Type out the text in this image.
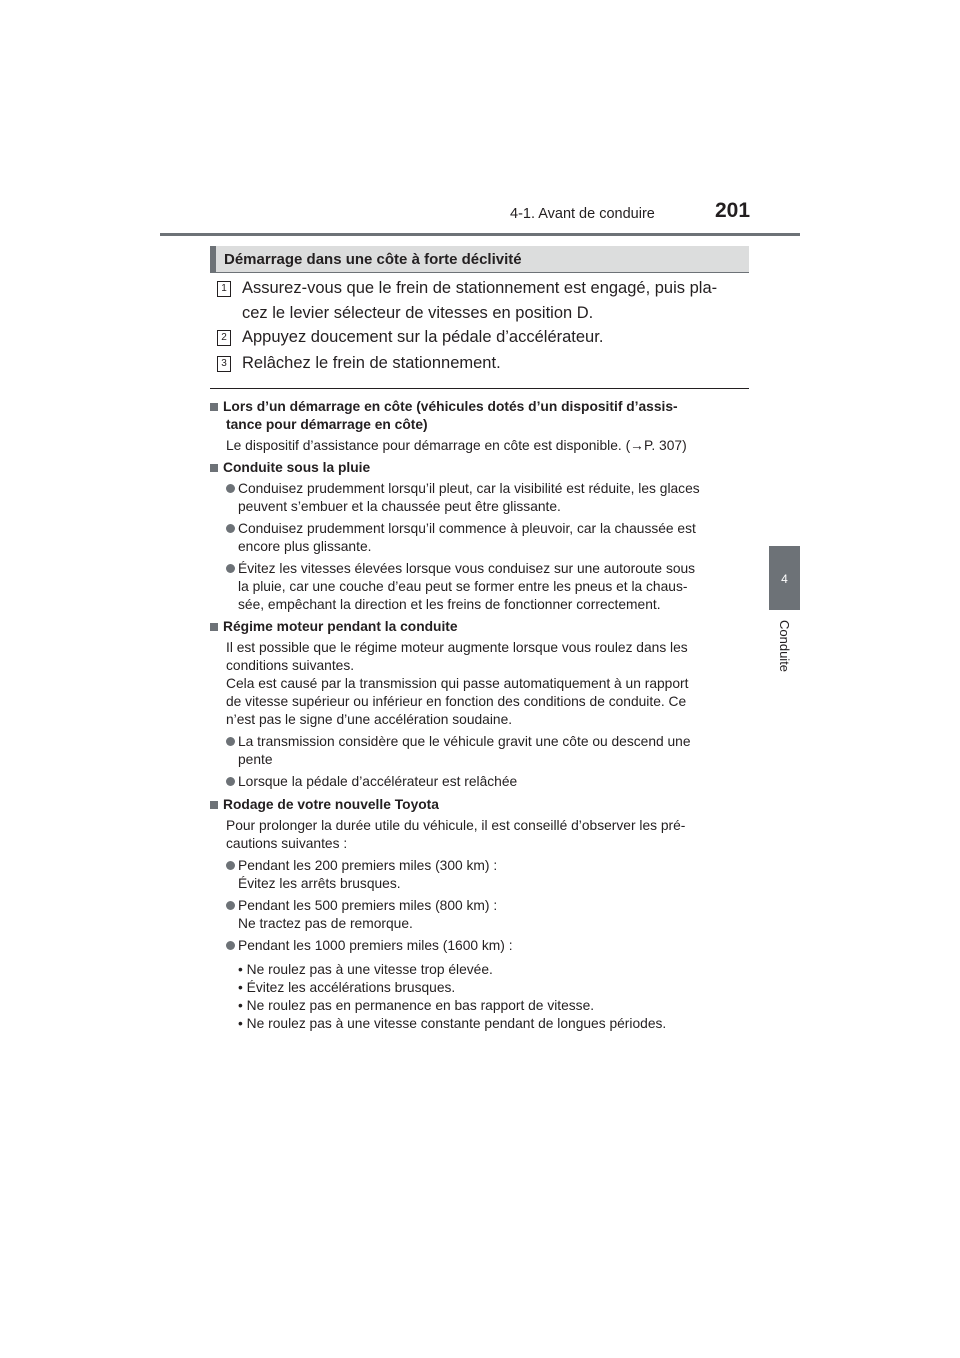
4-1. Avant de conduire	201
4
Conduite
Démarrage dans une côte à forte déclivité
1 Assurez-vous que le frein de stationnement est engagé, puis pla-
cez le levier sélecteur de vitesses en position D.
2 Appuyez doucement sur la pédale d’accélérateur.
3 Relâchez le frein de stationnement.
Lors d’un démarrage en côte (véhicules dotés d’un dispositif d’assis-
tance pour démarrage en côte)
Le dispositif d’assistance pour démarrage en côte est disponible. (→P. 307)
Conduite sous la pluie
Conduisez prudemment lorsqu’il pleut, car la visibilité est réduite, les glaces
peuvent s’embuer et la chaussée peut être glissante.
Conduisez prudemment lorsqu’il commence à pleuvoir, car la chaussée est
encore plus glissante.
Évitez les vitesses élevées lorsque vous conduisez sur une autoroute sous
la pluie, car une couche d’eau peut se former entre les pneus et la chaus-
sée, empêchant la direction et les freins de fonctionner correctement.
Régime moteur pendant la conduite
Il est possible que le régime moteur augmente lorsque vous roulez dans les
conditions suivantes.
Cela est causé par la transmission qui passe automatiquement à un rapport
de vitesse supérieur ou inférieur en fonction des conditions de conduite. Ce
n’est pas le signe d’une accélération soudaine.
La transmission considère que le véhicule gravit une côte ou descend une
pente
Lorsque la pédale d’accélérateur est relâchée
Rodage de votre nouvelle Toyota
Pour prolonger la durée utile du véhicule, il est conseillé d’observer les pré-
cautions suivantes :
Pendant les 200 premiers miles (300 km) :
Évitez les arrêts brusques.
Pendant les 500 premiers miles (800 km) :
Ne tractez pas de remorque.
Pendant les 1000 premiers miles (1600 km) :
• Ne roulez pas à une vitesse trop élevée.
• Évitez les accélérations brusques.
• Ne roulez pas en permanence en bas rapport de vitesse.
• Ne roulez pas à une vitesse constante pendant de longues périodes.
